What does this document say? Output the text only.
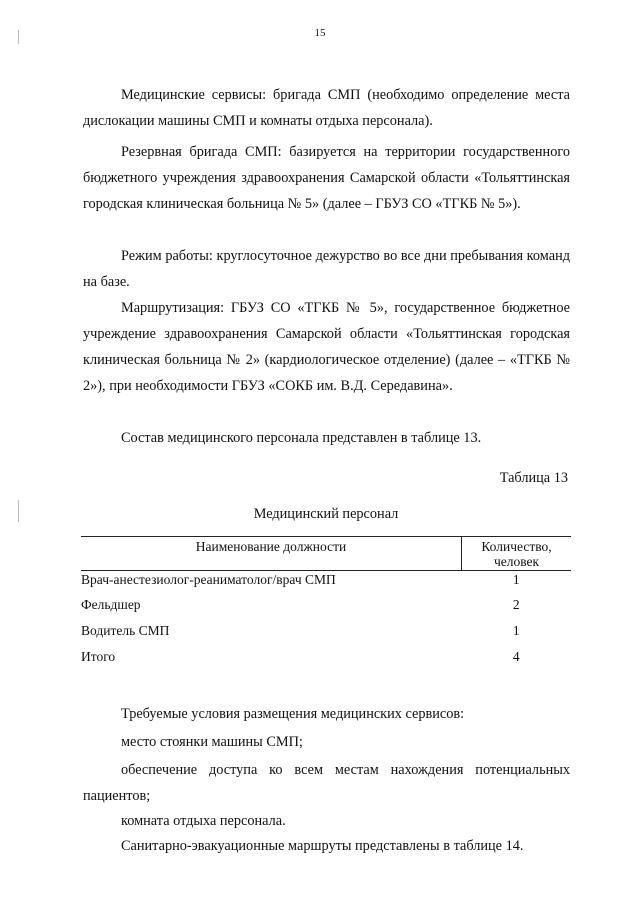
15

Медицинские сервисы: бригада СМП (необходимо определение места дислокации машины СМП и комнаты отдыха персонала).

Резервная бригада СМП: базируется на территории государственного бюджетного учреждения здравоохранения Самарской области «Тольяттинская городская клиническая больница № 5» (далее – ГБУЗ СО «ТГКБ № 5»).

Режим работы: круглосуточное дежурство во все дни пребывания команд на базе.

Маршрутизация: ГБУЗ СО «ТГКБ № 5», государственное бюджетное учреждение здравоохранения Самарской области «Тольяттинская городская клиническая больница № 2» (кардиологическое отделение) (далее – «ТГКБ № 2»), при необходимости ГБУЗ «СОКБ им. В.Д. Середавина».

Состав медицинского персонала представлен в таблице 13.

Таблица 13
Медицинский персонал
Наименование должности	Количество,
человек

Врач-анестезиолог-реаниматолог/врач СМП	1
Фельдшер	2
Водитель СМП	1
Итого	4

Требуемые условия размещения медицинских сервисов:

место стоянки машины СМП;

обеспечение доступа ко всем местам нахождения потенциальных пациентов;

комната отдыха персонала.

Санитарно-эвакуационные маршруты представлены в таблице 14.
